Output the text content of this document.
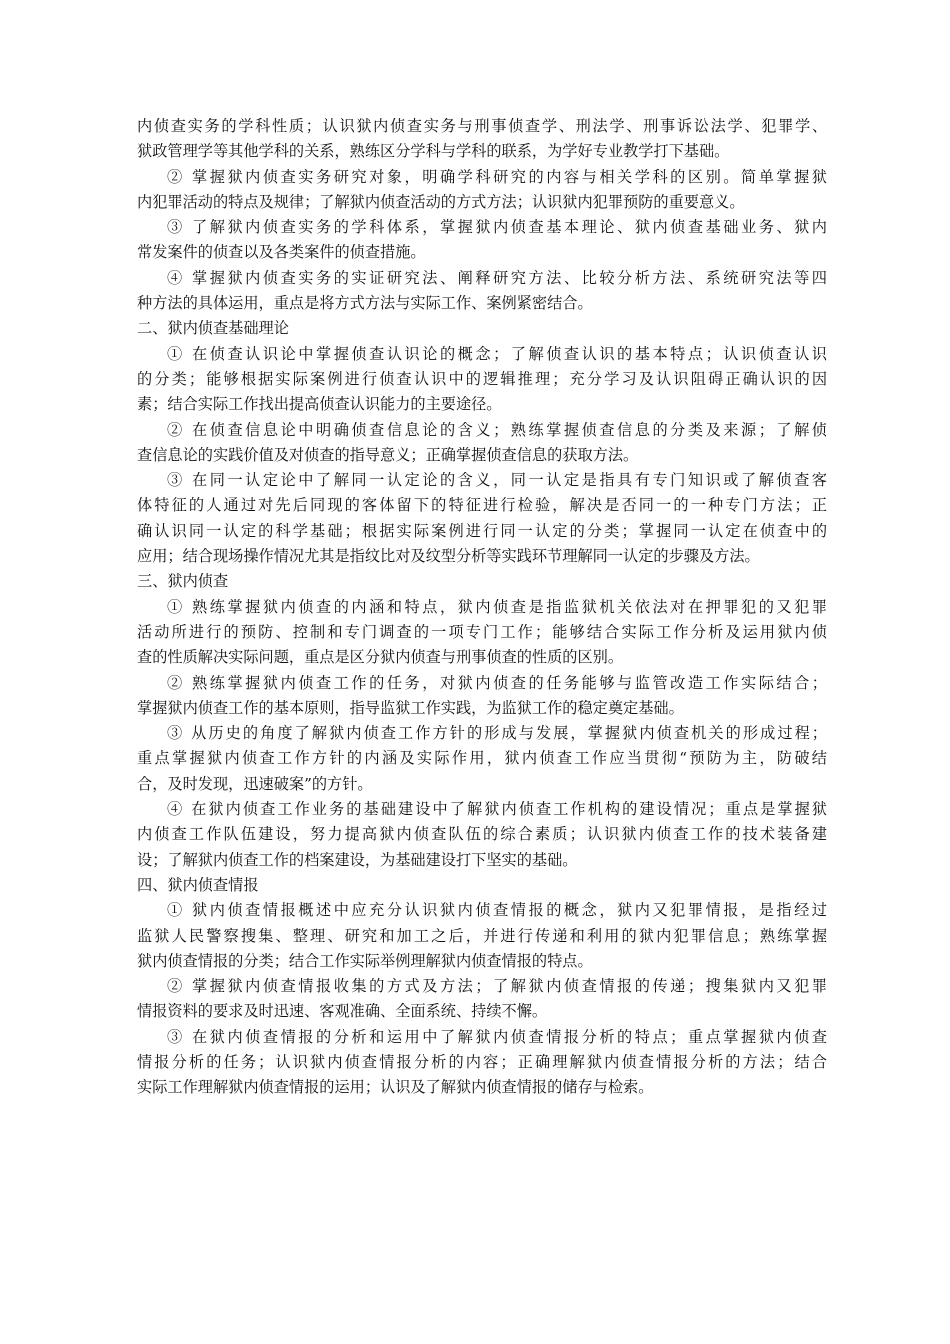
内侦查实务的学科性质；认识狱内侦查实务与刑事侦查学、刑法学、刑事诉讼法学、犯罪学、
狱政管理学等其他学科的关系，熟练区分学科与学科的联系，为学好专业教学打下基础。
② 掌握狱内侦查实务研究对象，明确学科研究的内容与相关学科的区别。简单掌握狱
内犯罪活动的特点及规律；了解狱内侦查活动的方式方法；认识狱内犯罪预防的重要意义。
③ 了解狱内侦查实务的学科体系，掌握狱内侦查基本理论、狱内侦查基础业务、狱内
常发案件的侦查以及各类案件的侦查措施。
④ 掌握狱内侦查实务的实证研究法、阐释研究方法、比较分析方法、系统研究法等四
种方法的具体运用，重点是将方式方法与实际工作、案例紧密结合。
二、狱内侦查基础理论
① 在侦查认识论中掌握侦查认识论的概念；了解侦查认识的基本特点；认识侦查认识
的分类；能够根据实际案例进行侦查认识中的逻辑推理；充分学习及认识阻碍正确认识的因
素；结合实际工作找出提高侦查认识能力的主要途径。
② 在侦查信息论中明确侦查信息论的含义；熟练掌握侦查信息的分类及来源；了解侦
查信息论的实践价值及对侦查的指导意义；正确掌握侦查信息的获取方法。
③ 在同一认定论中了解同一认定论的含义，同一认定是指具有专门知识或了解侦查客
体特征的人通过对先后同现的客体留下的特征进行检验，解决是否同一的一种专门方法；正
确认识同一认定的科学基础；根据实际案例进行同一认定的分类；掌握同一认定在侦查中的
应用；结合现场操作情况尤其是指纹比对及纹型分析等实践环节理解同一认定的步骤及方法。
三、狱内侦查
① 熟练掌握狱内侦查的内涵和特点，狱内侦查是指监狱机关依法对在押罪犯的又犯罪
活动所进行的预防、控制和专门调查的一项专门工作；能够结合实际工作分析及运用狱内侦
查的性质解决实际问题，重点是区分狱内侦查与刑事侦查的性质的区别。
② 熟练掌握狱内侦查工作的任务，对狱内侦查的任务能够与监管改造工作实际结合；
掌握狱内侦查工作的基本原则，指导监狱工作实践，为监狱工作的稳定奠定基础。
③ 从历史的角度了解狱内侦查工作方针的形成与发展，掌握狱内侦查机关的形成过程；
重点掌握狱内侦查工作方针的内涵及实际作用，狱内侦查工作应当贯彻“预防为主，防破结
合，及时发现，迅速破案”的方针。
④ 在狱内侦查工作业务的基础建设中了解狱内侦查工作机构的建设情况；重点是掌握狱
内侦查工作队伍建设，努力提高狱内侦查队伍的综合素质；认识狱内侦查工作的技术装备建
设；了解狱内侦查工作的档案建设，为基础建设打下坚实的基础。
四、狱内侦查情报
① 狱内侦查情报概述中应充分认识狱内侦查情报的概念，狱内又犯罪情报，是指经过
监狱人民警察搜集、整理、研究和加工之后，并进行传递和利用的狱内犯罪信息；熟练掌握
狱内侦查情报的分类；结合工作实际举例理解狱内侦查情报的特点。
② 掌握狱内侦查情报收集的方式及方法；了解狱内侦查情报的传递；搜集狱内又犯罪
情报资料的要求及时迅速、客观准确、全面系统、持续不懈。
③ 在狱内侦查情报的分析和运用中了解狱内侦查情报分析的特点；重点掌握狱内侦查
情报分析的任务；认识狱内侦查情报分析的内容；正确理解狱内侦查情报分析的方法；结合
实际工作理解狱内侦查情报的运用；认识及了解狱内侦查情报的储存与检索。
